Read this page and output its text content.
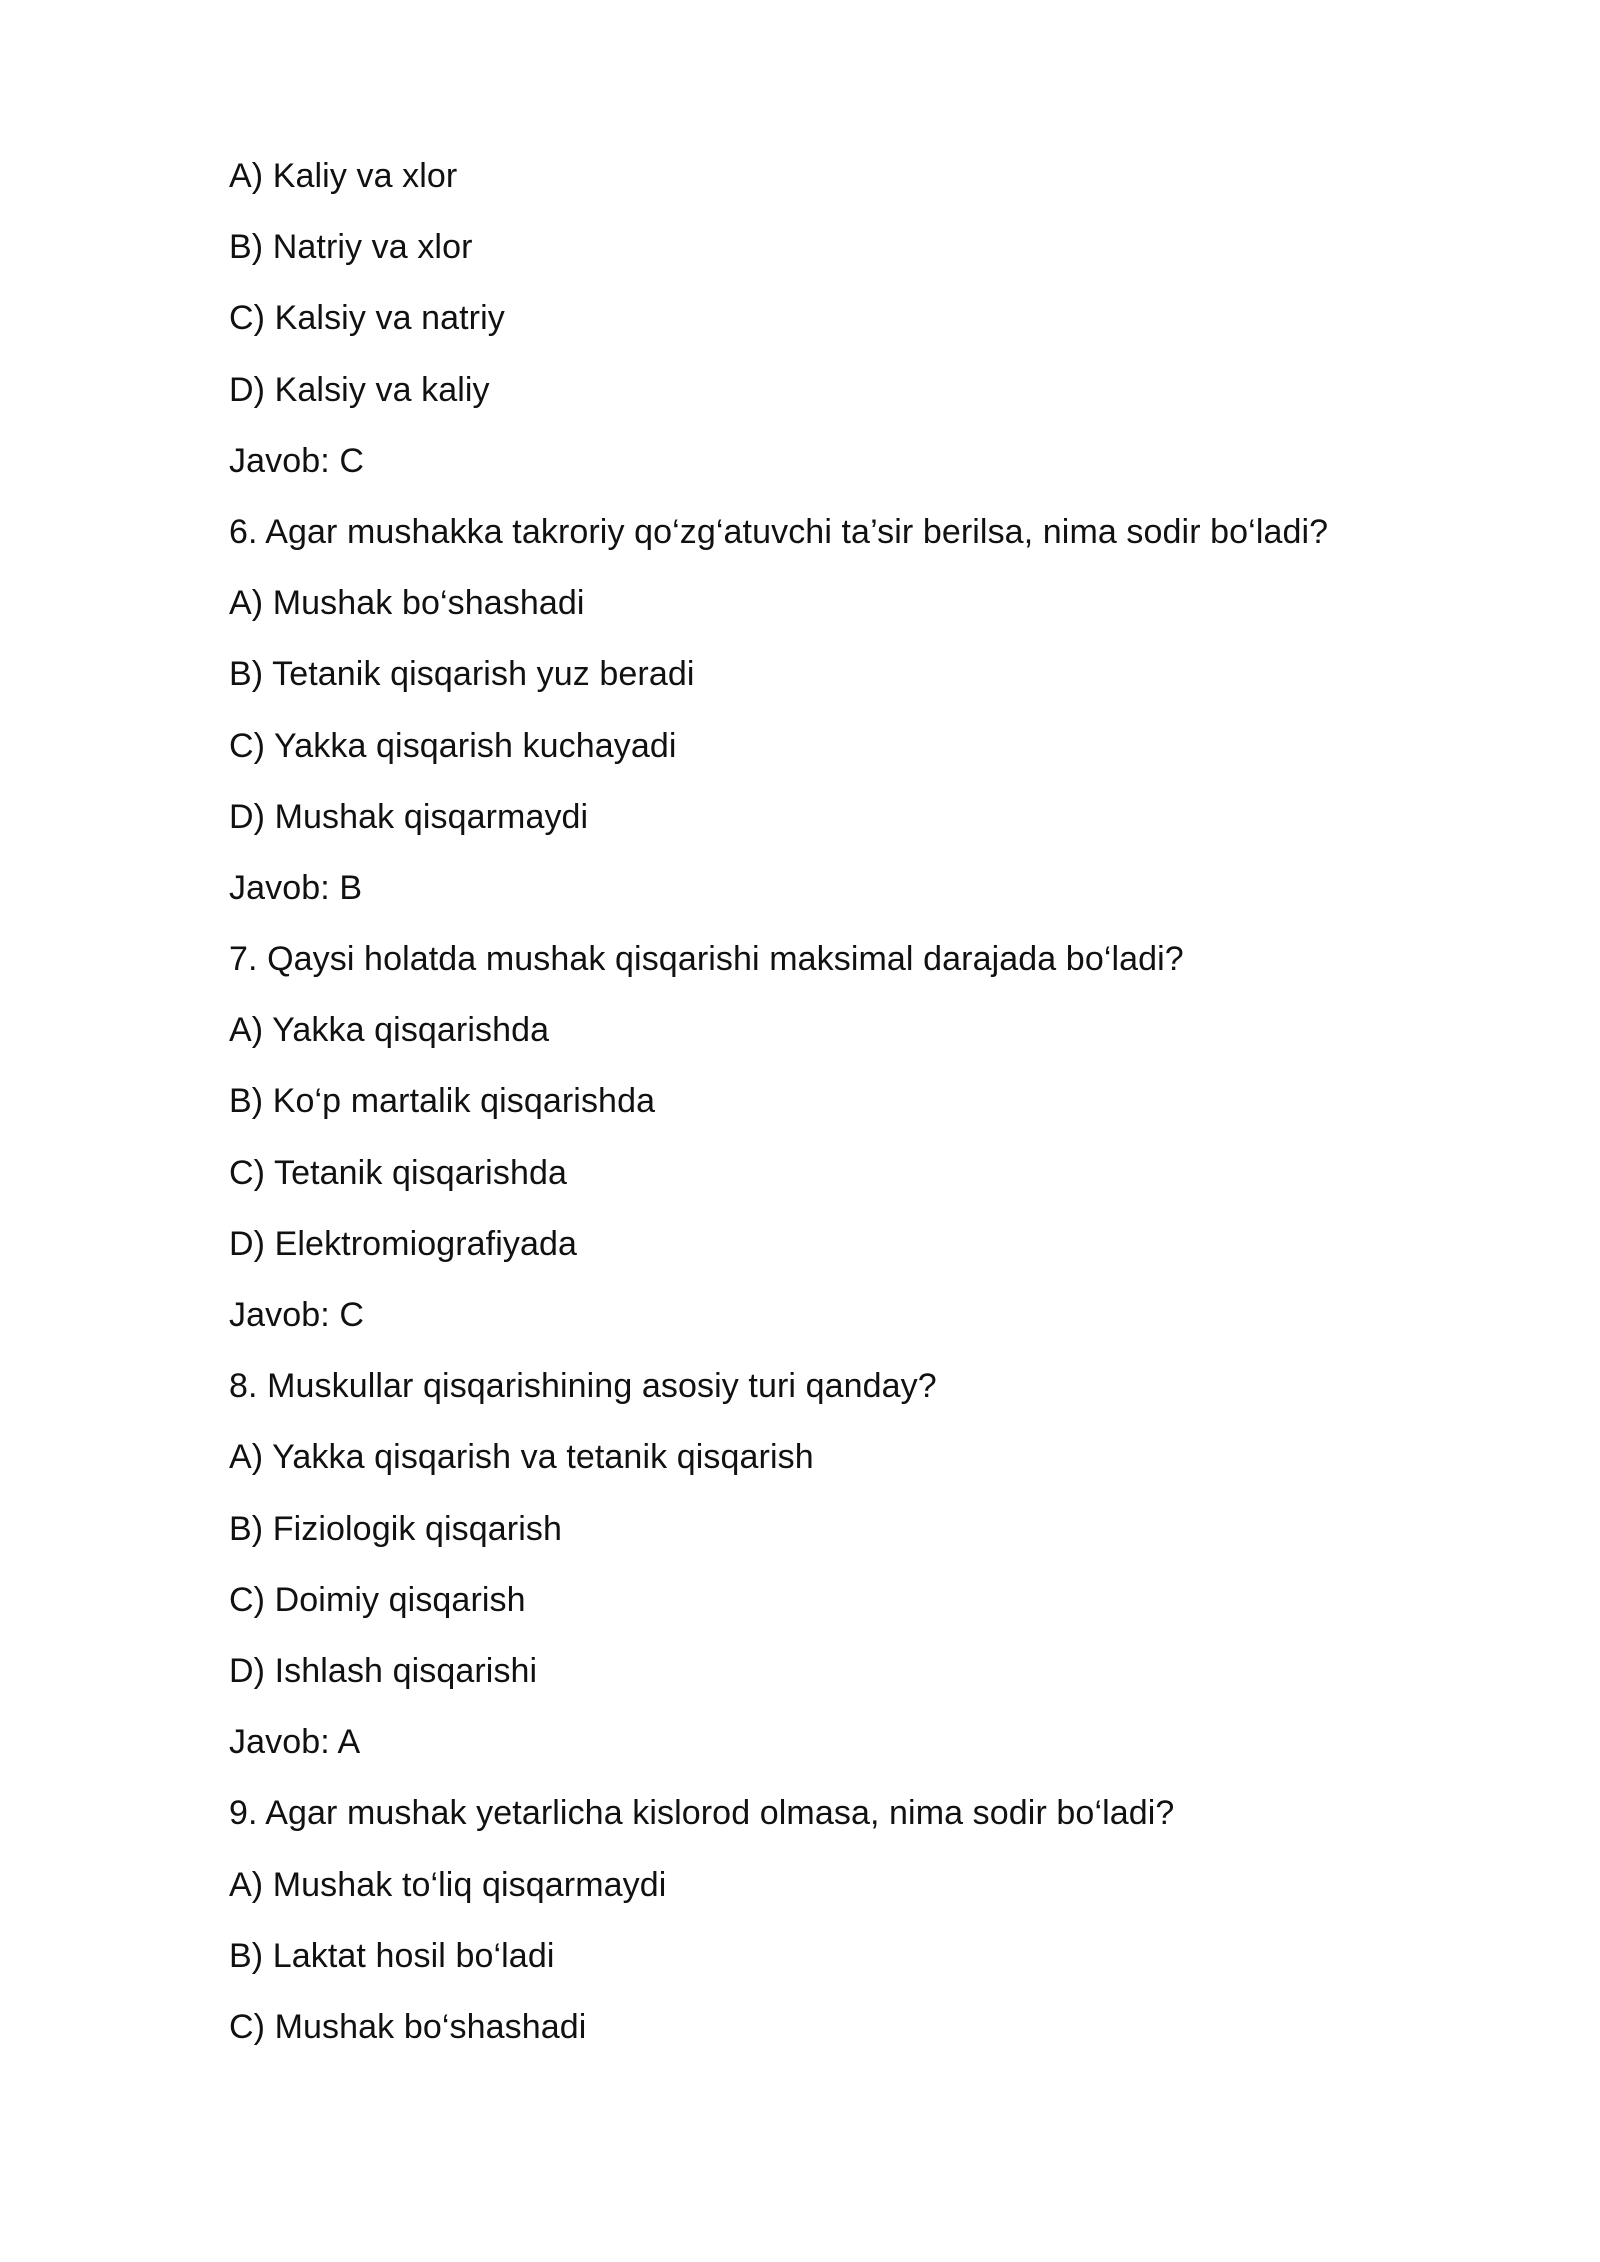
A) Kaliy va xlor
B) Natriy va xlor
C) Kalsiy va natriy
D) Kalsiy va kaliy
Javob: C
6. Agar mushakka takroriy qo‘zg‘atuvchi ta’sir berilsa, nima sodir bo‘ladi?
A) Mushak bo‘shashadi
B) Tetanik qisqarish yuz beradi
C) Yakka qisqarish kuchayadi
D) Mushak qisqarmaydi
Javob: B
7. Qaysi holatda mushak qisqarishi maksimal darajada bo‘ladi?
A) Yakka qisqarishda
B) Ko‘p martalik qisqarishda
C) Tetanik qisqarishda
D) Elektromiografiyada
Javob: C
8. Muskullar qisqarishining asosiy turi qanday?
A) Yakka qisqarish va tetanik qisqarish
B) Fiziologik qisqarish
C) Doimiy qisqarish
D) Ishlash qisqarishi
Javob: A
9. Agar mushak yetarlicha kislorod olmasa, nima sodir bo‘ladi?
A) Mushak to‘liq qisqarmaydi
B) Laktat hosil bo‘ladi
C) Mushak bo‘shashadi
